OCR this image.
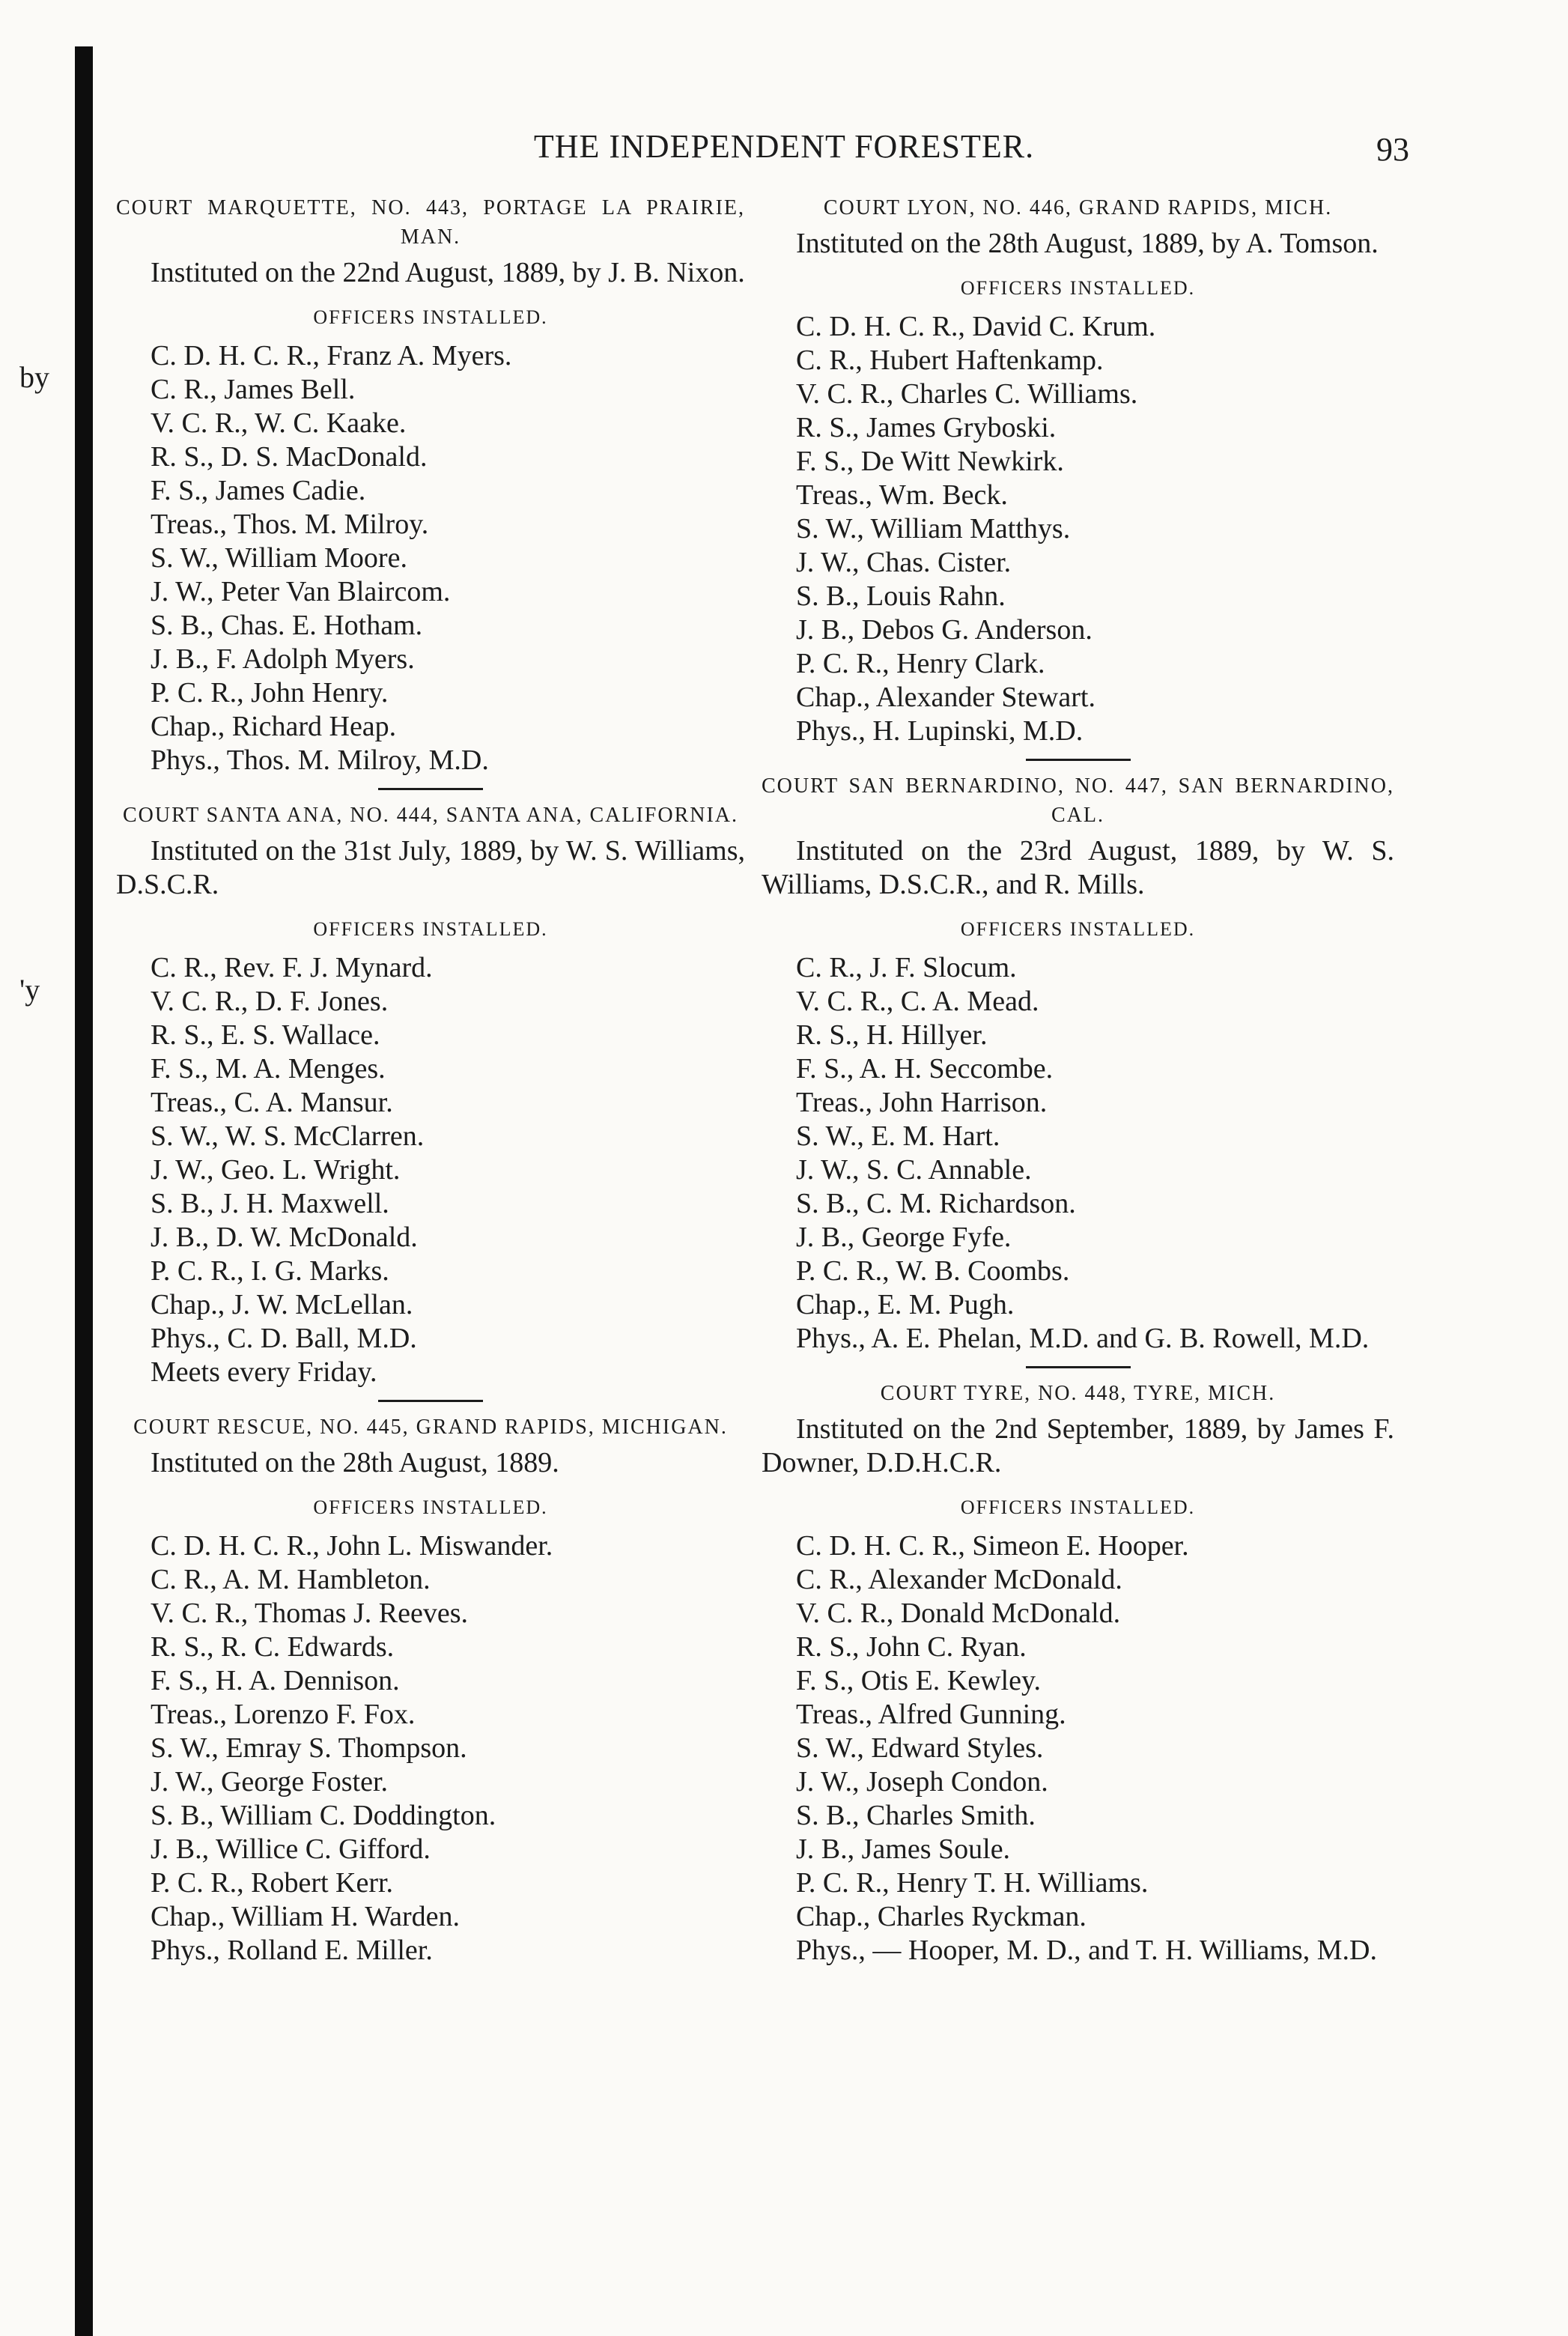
by
'y
THE INDEPENDENT FORESTER.	93
COURT MARQUETTE, NO. 443, PORTAGE LA PRAIRIE, MAN.
Instituted on the 22nd August, 1889, by J. B. Nixon.
OFFICERS INSTALLED.
C. D. H. C. R., Franz A. Myers.
C. R., James Bell.
V. C. R., W. C. Kaake.
R. S., D. S. MacDonald.
F. S., James Cadie.
Treas., Thos. M. Milroy.
S. W., William Moore.
J. W., Peter Van Blaircom.
S. B., Chas. E. Hotham.
J. B., F. Adolph Myers.
P. C. R., John Henry.
Chap., Richard Heap.
Phys., Thos. M. Milroy, M.D.
COURT SANTA ANA, NO. 444, SANTA ANA, CALIFORNIA.
Instituted on the 31st July, 1889, by W. S. Williams, D.S.C.R.
OFFICERS INSTALLED.
C. R., Rev. F. J. Mynard.
V. C. R., D. F. Jones.
R. S., E. S. Wallace.
F. S., M. A. Menges.
Treas., C. A. Mansur.
S. W., W. S. McClarren.
J. W., Geo. L. Wright.
S. B., J. H. Maxwell.
J. B., D. W. McDonald.
P. C. R., I. G. Marks.
Chap., J. W. McLellan.
Phys., C. D. Ball, M.D.
Meets every Friday.
COURT RESCUE, NO. 445, GRAND RAPIDS, MICHIGAN.
Instituted on the 28th August, 1889.
OFFICERS INSTALLED.
C. D. H. C. R., John L. Miswander.
C. R., A. M. Hambleton.
V. C. R., Thomas J. Reeves.
R. S., R. C. Edwards.
F. S., H. A. Dennison.
Treas., Lorenzo F. Fox.
S. W., Emray S. Thompson.
J. W., George Foster.
S. B., William C. Doddington.
J. B., Willice C. Gifford.
P. C. R., Robert Kerr.
Chap., William H. Warden.
Phys., Rolland E. Miller.
COURT LYON, NO. 446, GRAND RAPIDS, MICH.
Instituted on the 28th August, 1889, by A. Tomson.
OFFICERS INSTALLED.
C. D. H. C. R., David C. Krum.
C. R., Hubert Haftenkamp.
V. C. R., Charles C. Williams.
R. S., James Gryboski.
F. S., De Witt Newkirk.
Treas., Wm. Beck.
S. W., William Matthys.
J. W., Chas. Cister.
S. B., Louis Rahn.
J. B., Debos G. Anderson.
P. C. R., Henry Clark.
Chap., Alexander Stewart.
Phys., H. Lupinski, M.D.
COURT SAN BERNARDINO, NO. 447, SAN BERNARDINO, CAL.
Instituted on the 23rd August, 1889, by W. S. Williams, D.S.C.R., and R. Mills.
OFFICERS INSTALLED.
C. R., J. F. Slocum.
V. C. R., C. A. Mead.
R. S., H. Hillyer.
F. S., A. H. Seccombe.
Treas., John Harrison.
S. W., E. M. Hart.
J. W., S. C. Annable.
S. B., C. M. Richardson.
J. B., George Fyfe.
P. C. R., W. B. Coombs.
Chap., E. M. Pugh.
Phys., A. E. Phelan, M.D. and G. B. Rowell, M.D.
COURT TYRE, NO. 448, TYRE, MICH.
Instituted on the 2nd September, 1889, by James F. Downer, D.D.H.C.R.
OFFICERS INSTALLED.
C. D. H. C. R., Simeon E. Hooper.
C. R., Alexander McDonald.
V. C. R., Donald McDonald.
R. S., John C. Ryan.
F. S., Otis E. Kewley.
Treas., Alfred Gunning.
S. W., Edward Styles.
J. W., Joseph Condon.
S. B., Charles Smith.
J. B., James Soule.
P. C. R., Henry T. H. Williams.
Chap., Charles Ryckman.
Phys., — Hooper, M. D., and T. H. Williams, M.D.
